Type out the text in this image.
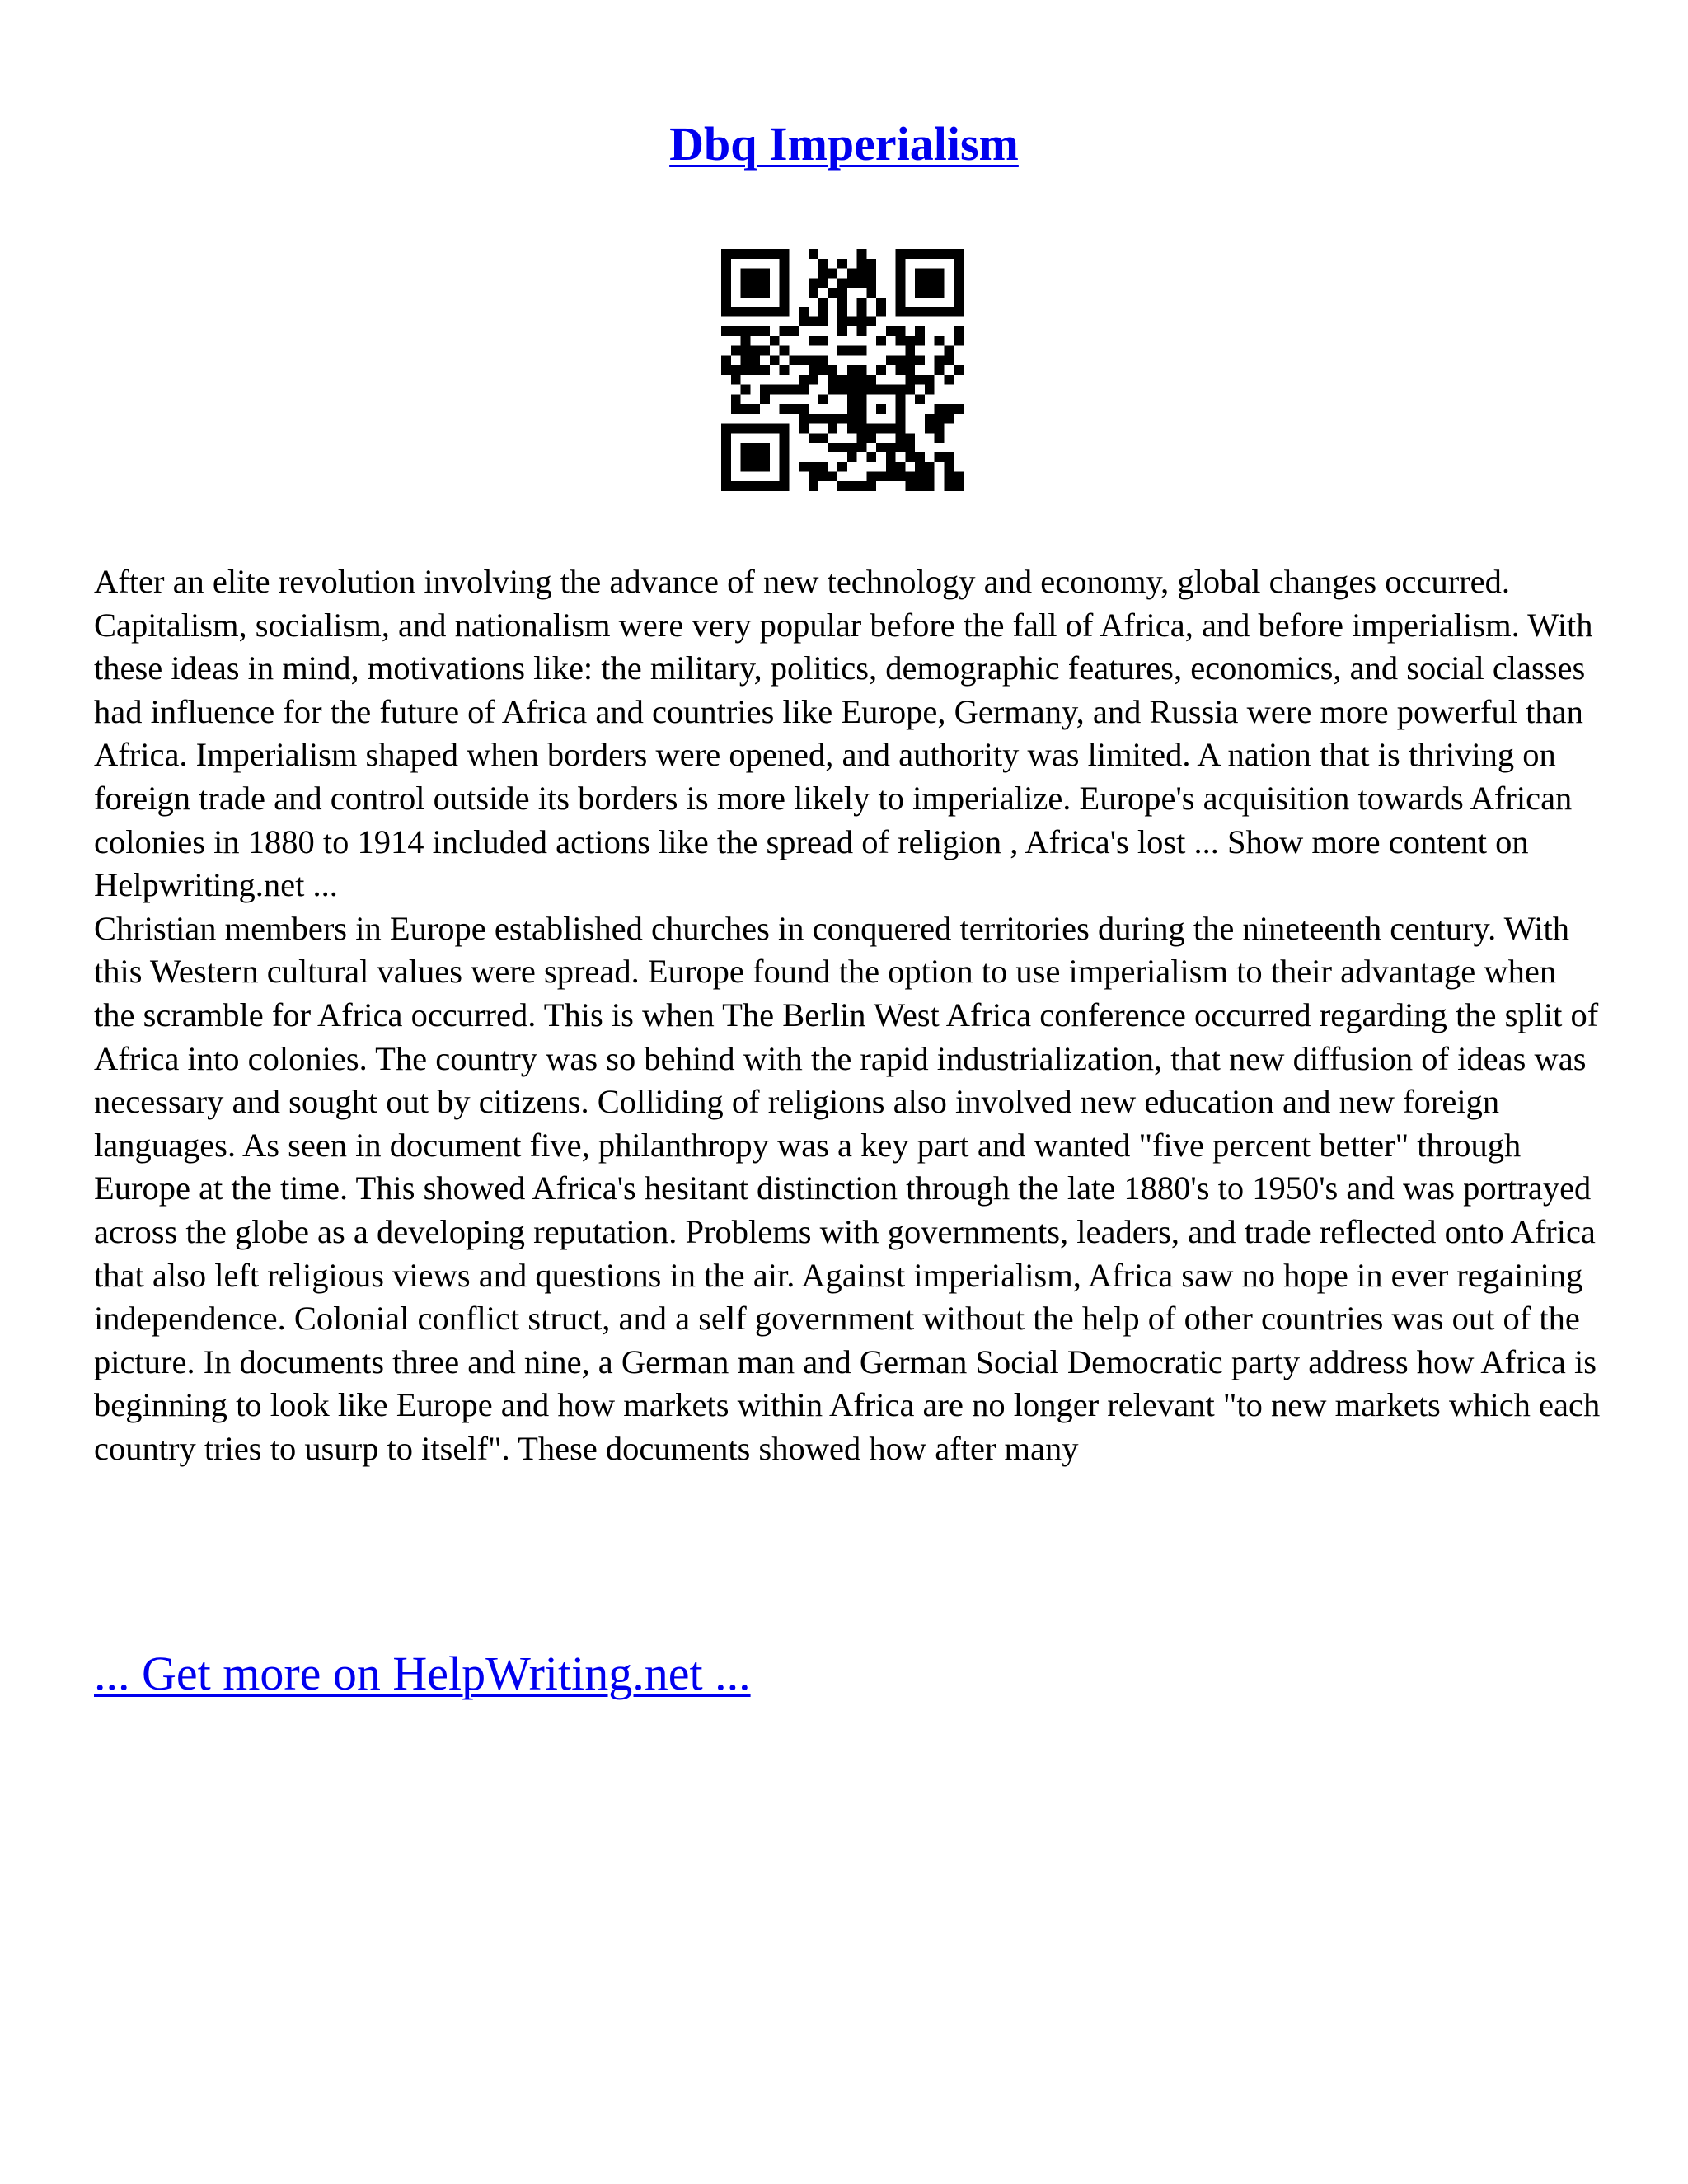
Dbq Imperialism

After an elite revolution involving the advance of new technology and economy, global changes occurred. Capitalism, socialism, and nationalism were very popular before the fall of Africa, and before imperialism. With these ideas in mind, motivations like: the military, politics, demographic features, economics, and social classes had influence for the future of Africa and countries like Europe, Germany, and Russia were more powerful than Africa. Imperialism shaped when borders were opened, and authority was limited. A nation that is thriving on foreign trade and control outside its borders is more likely to imperialize. Europe's acquisition towards African colonies in 1880 to 1914 included actions like the spread of religion , Africa's lost ... Show more content on Helpwriting.net ...

Christian members in Europe established churches in conquered territories during the nineteenth century. With this Western cultural values were spread. Europe found the option to use imperialism to their advantage when the scramble for Africa occurred. This is when The Berlin West Africa conference occurred regarding the split of Africa into colonies. The country was so behind with the rapid industrialization, that new diffusion of ideas was necessary and sought out by citizens. Colliding of religions also involved new education and new foreign languages. As seen in document five, philanthropy was a key part and wanted "five percent better" through Europe at the time. This showed Africa's hesitant distinction through the late 1880's to 1950's and was portrayed across the globe as a developing reputation. Problems with governments, leaders, and trade reflected onto Africa that also left religious views and questions in the air. Against imperialism, Africa saw no hope in ever regaining independence. Colonial conflict struct, and a self government without the help of other countries was out of the picture. In documents three and nine, a German man and German Social Democratic party address how Africa is beginning to look like Europe and how markets within Africa are no longer relevant "to new markets which each country tries to usurp to itself". These documents showed how after many

... Get more on HelpWriting.net ...
